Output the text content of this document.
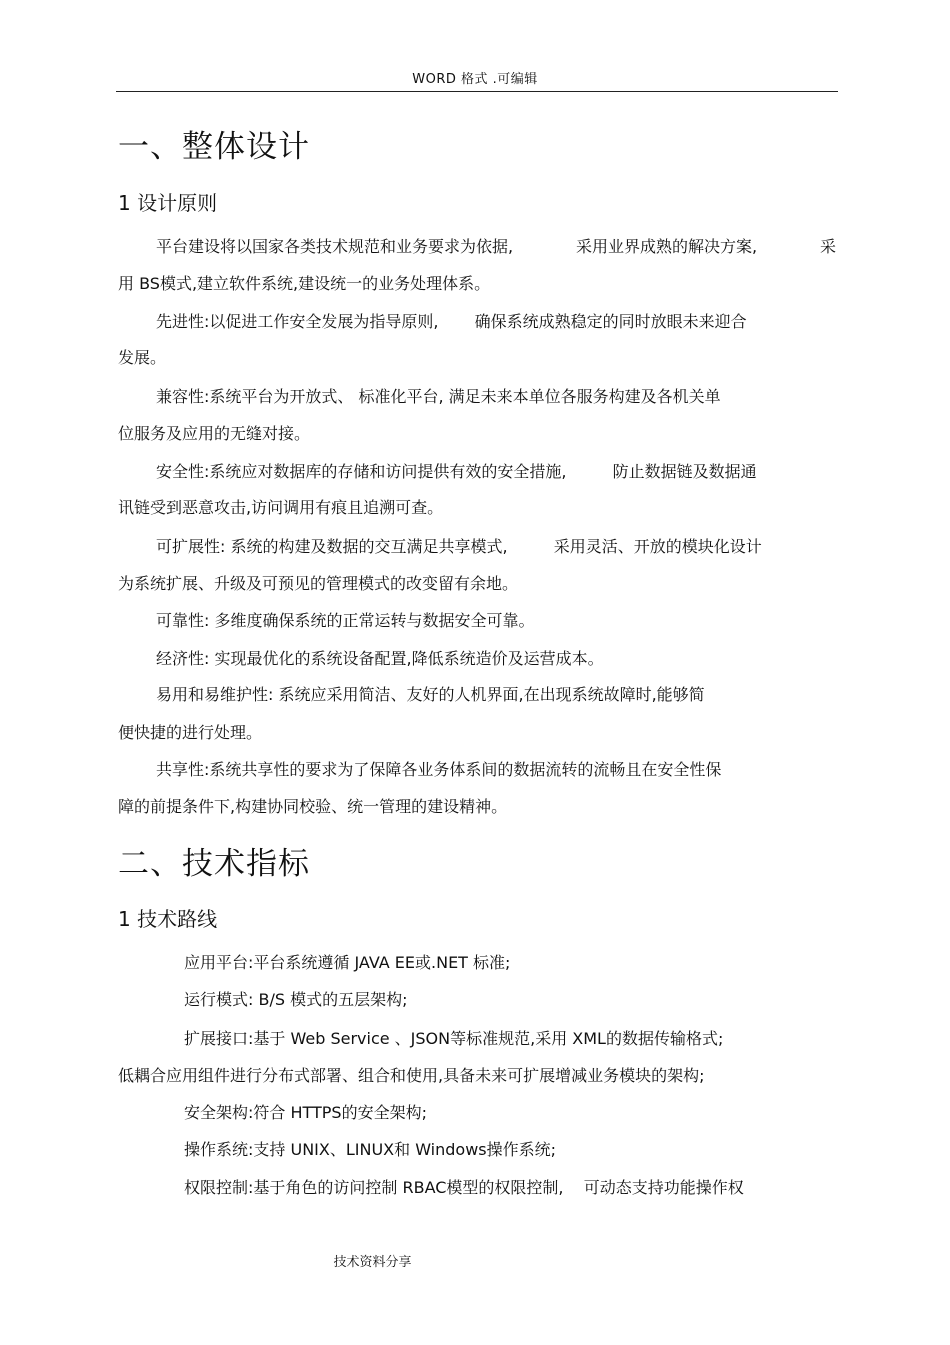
WORD 格式 .可编辑
一、整体设计
1 设计原则
平台建设将以国家各类技术规范和业务要求为依据,	采用业界成熟的解决方案,	采
用 BS模式,建立软件系统,建设统一的业务处理体系。
先进性:以促进工作安全发展为指导原则, 确保系统成熟稳定的同时放眼未来迎合
发展。
兼容性:系统平台为开放式、 标准化平台, 满足未来本单位各服务构建及各机关单
位服务及应用的无缝对接。
安全性:系统应对数据库的存储和访问提供有效的安全措施,	防止数据链及数据通
讯链受到恶意攻击,访问调用有痕且追溯可查。
可扩展性: 系统的构建及数据的交互满足共享模式,	采用灵活、开放的模块化设计
为系统扩展、升级及可预见的管理模式的改变留有余地。
可靠性: 多维度确保系统的正常运转与数据安全可靠。
经济性: 实现最优化的系统设备配置,降低系统造价及运营成本。
易用和易维护性: 系统应采用简洁、友好的人机界面,在出现系统故障时,能够简
便快捷的进行处理。
共享性:系统共享性的要求为了保障各业务体系间的数据流转的流畅且在安全性保
障的前提条件下,构建协同校验、统一管理的建设精神。
二、技术指标
1 技术路线
应用平台:平台系统遵循 JAVA EE或.NET 标准;
运行模式: B/S 模式的五层架构;
扩展接口:基于 Web Service 、JSON等标准规范,采用 XML的数据传输格式;
低耦合应用组件进行分布式部署、组合和使用,具备未来可扩展增减业务模块的架构;
安全架构:符合 HTTPS的安全架构;
操作系统:支持 UNIX、LINUX和 Windows操作系统;
权限控制:基于角色的访问控制 RBAC模型的权限控制, 可动态支持功能操作权
技术资料分享
